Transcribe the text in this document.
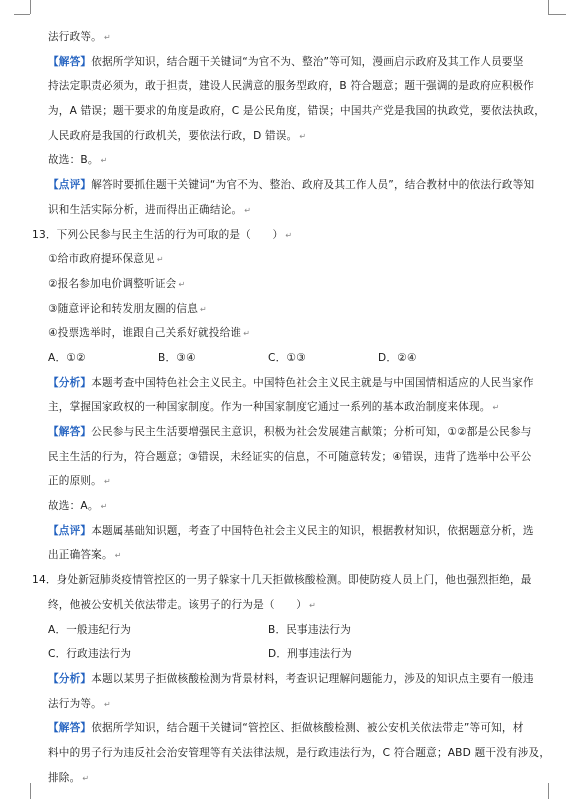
法行政等。 ↵
【解答】依据所学知识，结合题干关键词“为官不为、整治”等可知，漫画启示政府及其工作人员要坚
持法定职责必须为，敢于担责，建设人民满意的服务型政府，B 符合题意；题干强调的是政府应积极作
为，A 错误；题干要求的角度是政府，C 是公民角度，错误；中国共产党是我国的执政党，要依法执政，
人民政府是我国的行政机关，要依法行政，D 错误。 ↵
故选：B。 ↵
【点评】解答时要抓住题干关键词“为官不为、整治、政府及其工作人员”，结合教材中的依法行政等知
识和生活实际分析，进而得出正确结论。 ↵
13．下列公民参与民主生活的行为可取的是（　　） ↵
①给市政府提环保意见 ↵
②报名参加电价调整听证会 ↵
③随意评论和转发朋友圈的信息 ↵
④投票选举时，谁跟自己关系好就投给谁 ↵
A．①②	B．③④	C．①③	D．②④
【分析】本题考查中国特色社会主义民主。中国特色社会主义民主就是与中国国情相适应的人民当家作
主，掌握国家政权的一种国家制度。作为一种国家制度它通过一系列的基本政治制度来体现。 ↵
【解答】公民参与民主生活要增强民主意识，积极为社会发展建言献策；分析可知，①②都是公民参与
民主生活的行为，符合题意；③错误，未经证实的信息，不可随意转发；④错误，违背了选举中公平公
正的原则。 ↵
故选：A。 ↵
【点评】本题属基础知识题，考查了中国特色社会主义民主的知识，根据教材知识，依据题意分析，选
出正确答案。 ↵
14．身处新冠肺炎疫情管控区的一男子躲家十几天拒做核酸检测。即使防疫人员上门，他也强烈拒绝，最
终，他被公安机关依法带走。该男子的行为是（　　） ↵
A．一般违纪行为	B．民事违法行为
C．行政违法行为	D．刑事违法行为
【分析】本题以某男子拒做核酸检测为背景材料，考查识记理解问题能力，涉及的知识点主要有一般违
法行为等。 ↵
【解答】依据所学知识，结合题干关键词“管控区、拒做核酸检测、被公安机关依法带走”等可知，材
料中的男子行为违反社会治安管理等有关法律法规，是行政违法行为，C 符合题意；ABD 题干没有涉及，
排除。 ↵
